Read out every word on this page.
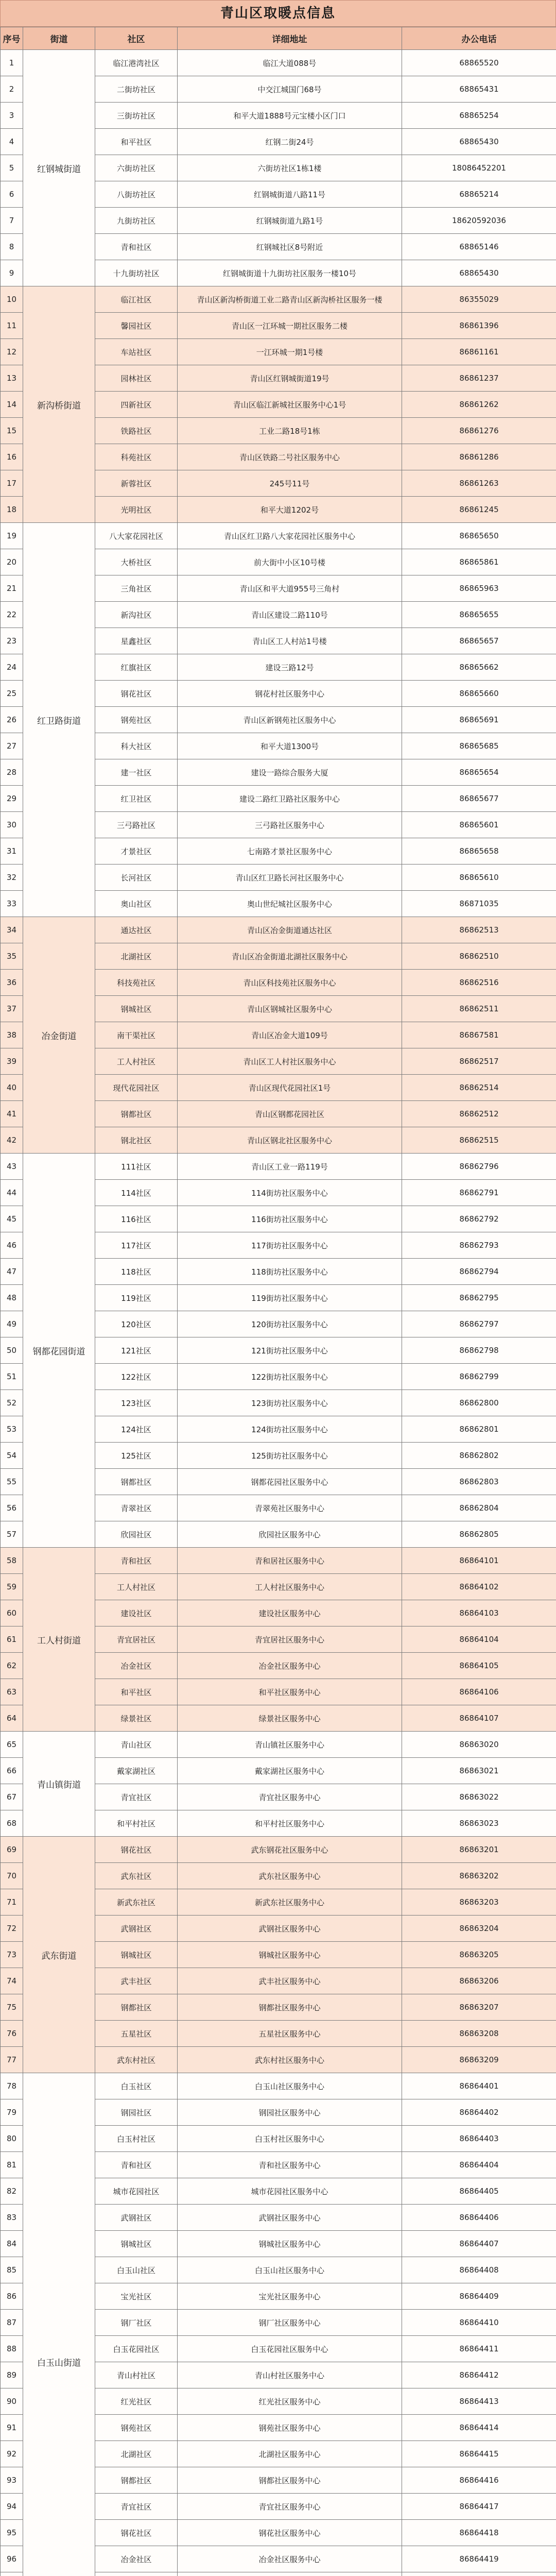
青山区取暖点信息
序号	街道	社区	详细地址	办公电话
1	红钢城街道	临江港湾社区	临江大道088号	68865520
2		二街坊社区	中交江城国门68号	68865431
3		三街坊社区	和平大道1888号元宝楼小区门口	68865254
4		和平社区	红钢二街24号	68865430
5		六街坊社区	六街坊社区1栋1楼	18086452201
6		八街坊社区	红钢城街道八路11号	68865214
7		九街坊社区	红钢城街道九路1号	18620592036
8		青和社区	红钢城社区8号附近	68865146
9		十九街坊社区	红钢城街道十九街坊社区服务一楼10号	68865430
10	新沟桥街道	临江社区	青山区新沟桥街道工业二路青山区新沟桥社区服务一楼	86355029
11		馨园社区	青山区一江环城一期社区服务二楼	86861396
12		车站社区	一江环城一期1号楼	86861161
13		园林社区	青山区红钢城街道19号	86861237
14		四新社区	青山区临江新城社区服务中心1号	86861262
15		铁路社区	工业二路18号1栋	86861276
16		科苑社区	青山区铁路二号社区服务中心	86861286
17		新蓉社区	245号11号	86861263
18		光明社区	和平大道1202号	86861245
19	红卫路街道	八大家花园社区	青山区红卫路八大家花园社区服务中心	86865650
20		大桥社区	前大街中小区10号楼	86865861
21		三角社区	青山区和平大道955号三角村	86865963
22		新沟社区	青山区建设二路110号	86865655
23		星鑫社区	青山区工人村站1号楼	86865657
24		红旗社区	建设三路12号	86865662
25		钢花社区	钢花村社区服务中心	86865660
26		钢苑社区	青山区新钢苑社区服务中心	86865691
27		科大社区	和平大道1300号	86865685
28		建一社区	建设一路综合服务大厦	86865654
29		红卫社区	建设二路红卫路社区服务中心	86865677
30		三弓路社区	三弓路社区服务中心	86865601
31		才景社区	七南路才景社区服务中心	86865658
32		长河社区	青山区红卫路长河社区服务中心	86865610
33		奥山社区	奥山世纪城社区服务中心	86871035
34	冶金街道	通达社区	青山区冶金街道通达社区	86862513
35		北湖社区	青山区冶金街道北湖社区服务中心	86862510
36		科技苑社区	青山区科技苑社区服务中心	86862516
37		钢城社区	青山区钢城社区服务中心	86862511
38		南干渠社区	青山区冶金大道109号	86867581
39		工人村社区	青山区工人村社区服务中心	86862517
40		现代花园社区	青山区现代花园社区1号	86862514
41		钢都社区	青山区钢都花园社区	86862512
42		钢北社区	青山区钢北社区服务中心	86862515
43	钢都花园街道	111社区	青山区工业一路119号	86862796
44		114社区	114街坊社区服务中心	86862791
45		116社区	116街坊社区服务中心	86862792
46		117社区	117街坊社区服务中心	86862793
47		118社区	118街坊社区服务中心	86862794
48		119社区	119街坊社区服务中心	86862795
49		120社区	120街坊社区服务中心	86862797
50		121社区	121街坊社区服务中心	86862798
51		122社区	122街坊社区服务中心	86862799
52		123社区	123街坊社区服务中心	86862800
53		124社区	124街坊社区服务中心	86862801
54		125社区	125街坊社区服务中心	86862802
55		钢都社区	钢都花园社区服务中心	86862803
56		青翠社区	青翠苑社区服务中心	86862804
57		欣园社区	欣园社区服务中心	86862805
58	工人村街道	青和社区	青和居社区服务中心	86864101
59		工人村社区	工人村社区服务中心	86864102
60		建设社区	建设社区服务中心	86864103
61		青宜居社区	青宜居社区服务中心	86864104
62		冶金社区	冶金社区服务中心	86864105
63		和平社区	和平社区服务中心	86864106
64		绿景社区	绿景社区服务中心	86864107
65	青山镇街道	青山社区	青山镇社区服务中心	86863020
66		戴家湖社区	戴家湖社区服务中心	86863021
67		青宜社区	青宜社区服务中心	86863022
68		和平村社区	和平村社区服务中心	86863023
69	武东街道	钢花社区	武东钢花社区服务中心	86863201
70		武东社区	武东社区服务中心	86863202
71		新武东社区	新武东社区服务中心	86863203
72		武钢社区	武钢社区服务中心	86863204
73		钢城社区	钢城社区服务中心	86863205
74		武丰社区	武丰社区服务中心	86863206
75		钢都社区	钢都社区服务中心	86863207
76		五星社区	五星社区服务中心	86863208
77		武东村社区	武东村社区服务中心	86863209
78	白玉山街道	白玉社区	白玉山社区服务中心	86864401
79		钢园社区	钢园社区服务中心	86864402
80		白玉村社区	白玉村社区服务中心	86864403
81		青和社区	青和社区服务中心	86864404
82		城市花园社区	城市花园社区服务中心	86864405
83		武钢社区	武钢社区服务中心	86864406
84		钢城社区	钢城社区服务中心	86864407
85		白玉山社区	白玉山社区服务中心	86864408
86		宝光社区	宝光社区服务中心	86864409
87		钢厂社区	钢厂社区服务中心	86864410
88		白玉花园社区	白玉花园社区服务中心	86864411
89		青山村社区	青山村社区服务中心	86864412
90		红光社区	红光社区服务中心	86864413
91		钢苑社区	钢苑社区服务中心	86864414
92		北湖社区	北湖社区服务中心	86864415
93		钢都社区	钢都社区服务中心	86864416
94		青宜社区	青宜社区服务中心	86864417
95		钢花社区	钢花社区服务中心	86864418
96		冶金社区	冶金社区服务中心	86864419
